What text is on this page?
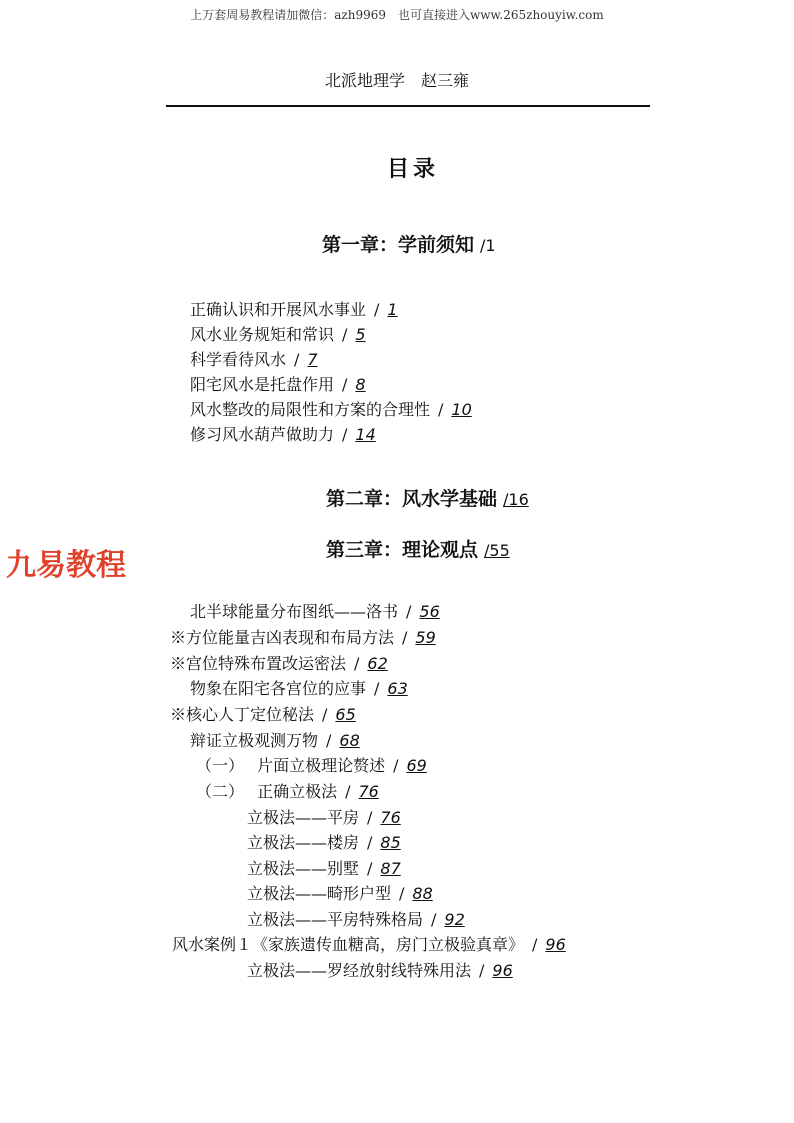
上万套周易教程请加微信：azh9969　也可直接进入www.265zhouyiw.com
北派地理学　赵三雍
目录
第一章：学前须知 /1
正确认识和开展风水事业 / 1
风水业务规矩和常识 / 5
科学看待风水 / 7
阳宅风水是托盘作用 / 8
风水整改的局限性和方案的合理性 / 10
修习风水葫芦做助力 / 14
第二章：风水学基础 /16
第三章：理论观点 /55
九易教程
北半球能量分布图纸——洛书 / 56
※方位能量吉凶表现和布局方法 / 59
※宫位特殊布置改运密法 / 62
物象在阳宅各宫位的应事 / 63
※核心人丁定位秘法 / 65
辩证立极观测万物 / 68
（一）　 片面立极理论赘述 / 69
（二）　 正确立极法 / 76
立极法——平房 / 76
立极法——楼房 / 85
立极法——别墅 / 87
立极法——畸形户型 / 88
立极法——平房特殊格局 / 92
风水案例１《家族遗传血糖高，房门立极验真章》 / 96
立极法——罗经放射线特殊用法 / 96
